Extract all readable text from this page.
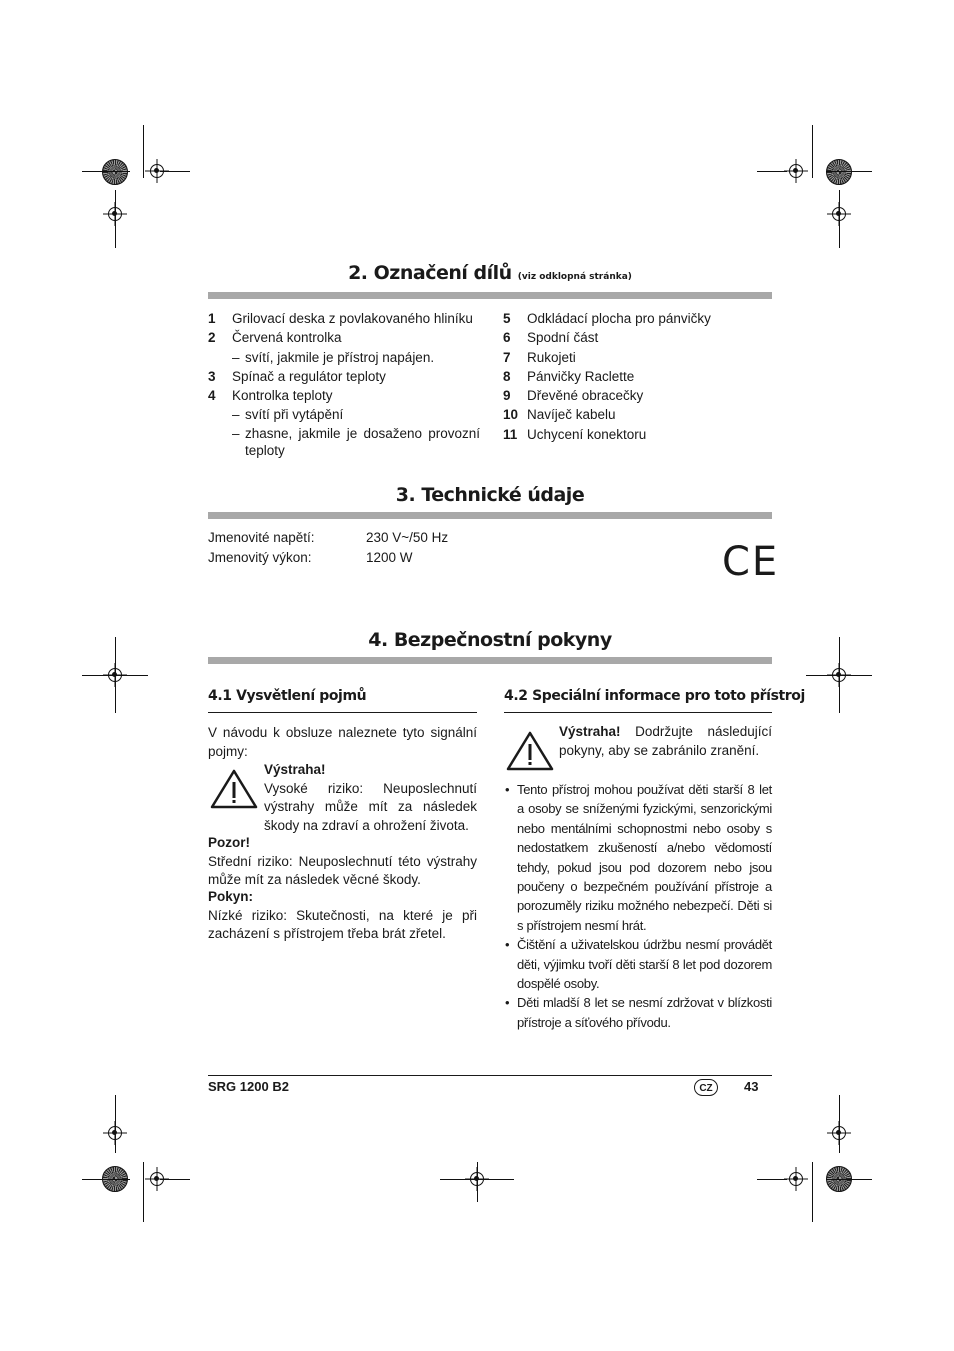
2. Označení dílů (viz odklopná stránka)
1	Grilovací deska z povlakovaného hliníku
2	Červená kontrolka
– svítí, jakmile je přístroj napájen.
3	Spínač a regulátor teploty
4	Kontrolka teploty
– svítí při vytápění
– zhasne, jakmile je dosaženo provozní teploty
5	Odkládací plocha pro pánvičky
6	Spodní část
7	Rukojeti
8	Pánvičky Raclette
9	Dřevěné obracečky
10 Navíječ kabelu
11 Uchycení konektoru
3. Technické údaje
Jmenovité napětí:	230 V~/50 Hz
Jmenovitý výkon:	1200 W	CE
4. Bezpečnostní pokyny
4.1 Vysvětlení pojmů
V návodu k obsluze naleznete tyto signální pojmy:
Výstraha!
Vysoké riziko: Neuposlechnutí výstrahy může mít za následek škody na zdraví a ohrožení života.
Pozor!
Střední riziko: Neuposlechnutí této výstrahy může mít za následek věcné škody.
Pokyn:
Nízké riziko: Skutečnosti, na které je při zacházení s přístrojem třeba brát zřetel.
4.2 Speciální informace pro toto přístroj
Výstraha! Dodržujte následující pokyny, aby se zabránilo zranění.
• Tento přístroj mohou používat děti starší 8 let a osoby se sníženými fyzickými, senzorickými nebo mentálními schopnostmi nebo osoby s nedostatkem zkušeností a/nebo vědomostí tehdy, pokud jsou pod dozorem nebo jsou poučeny o bezpečném používání přístroje a porozuměly riziku možného nebezpečí. Děti si s přístrojem nesmí hrát.
• Čištění a uživatelskou údržbu nesmí provádět děti, výjimku tvoří děti starší 8 let pod dozorem dospělé osoby.
• Děti mladší 8 let se nesmí zdržovat v blízkosti přístroje a síťového přívodu.
SRG 1200 B2	CZ	43
